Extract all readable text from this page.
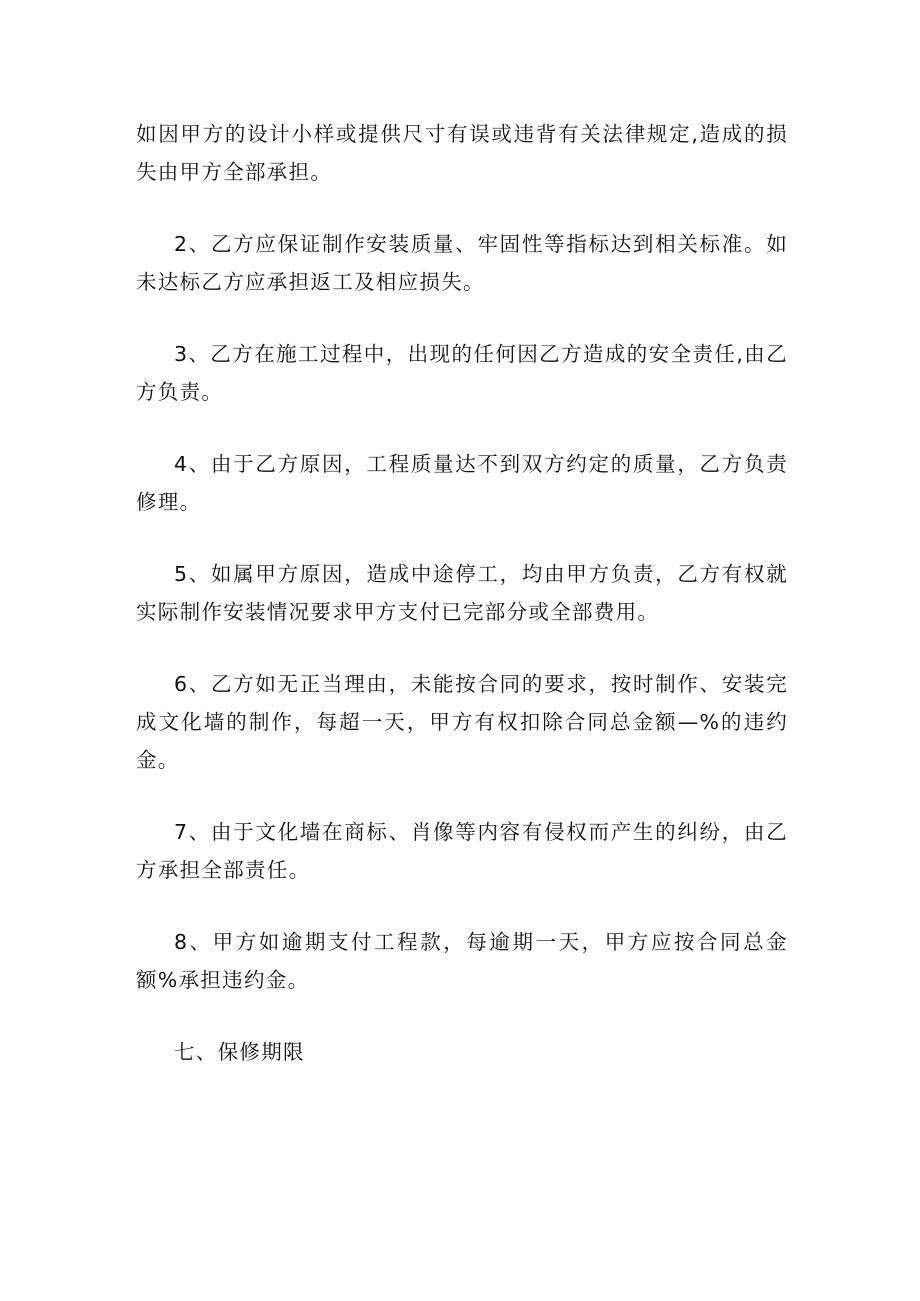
如因甲方的设计小样或提供尺寸有误或违背有关法律规定,造成的损失由甲方全部承担。

2、乙方应保证制作安装质量、牢固性等指标达到相关标准。如未达标乙方应承担返工及相应损失。

3、乙方在施工过程中，出现的任何因乙方造成的安全责任,由乙方负责。

4、由于乙方原因，工程质量达不到双方约定的质量，乙方负责修理。

5、如属甲方原因，造成中途停工，均由甲方负责，乙方有权就实际制作安装情况要求甲方支付已完部分或全部费用。

6、乙方如无正当理由，未能按合同的要求，按时制作、安装完成文化墙的制作，每超一天，甲方有权扣除合同总金额—%的违约金。

7、由于文化墙在商标、肖像等内容有侵权而产生的纠纷，由乙方承担全部责任。

8、甲方如逾期支付工程款，每逾期一天，甲方应按合同总金额%承担违约金。

七、保修期限
